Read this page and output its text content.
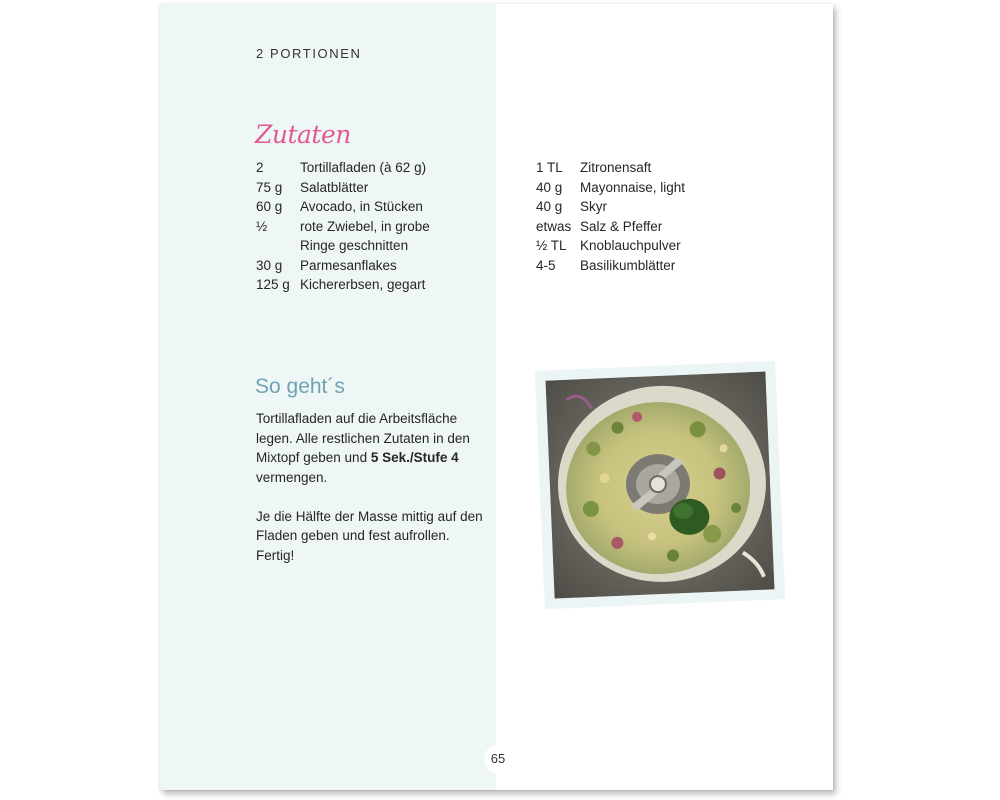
2 PORTIONEN
Zutaten
2	Tortillafladen (à 62 g)
75 g Salatblätter
60 g Avocado, in Stücken
½ rote Zwiebel, in grobe
Ringe geschnitten
30 g Parmesanflakes
125 g Kichererbsen, gegart
1 TL Zitronensaft
40 g Mayonnaise, light
40 g Skyr
etwas Salz & Pfeffer
½ TL Knoblauchpulver
4-5 Basilikumblätter
So geht´s

Tortillafladen auf die Arbeitsfläche legen. Alle restlichen Zutaten in den Mixtopf geben und 5 Sek./Stufe 4 vermengen.

Je die Hälfte der Masse mittig auf den Fladen geben und fest aufrollen. Fertig!

65
